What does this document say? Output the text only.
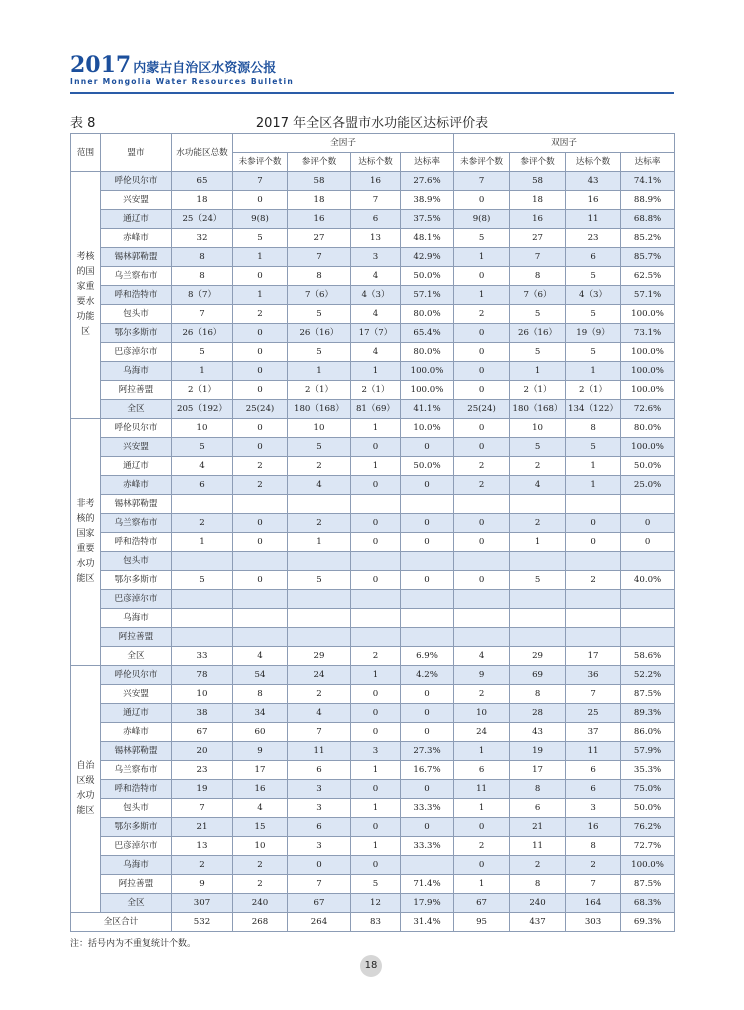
2017 内蒙古自治区水资源公报
Inner Mongolia Water Resources Bulletin
表 8	2017 年全区各盟市水功能区达标评价表
范围	盟市	水功能区总数	全因子				双因子			
			未参评个数	参评个数	达标个数	达标率	未参评个数	参评个数	达标个数	达标率
考核的国家重要水功能区	呼伦贝尔市	65	7	58	16	27.6%	7	58	43	74.1%
	兴安盟	18	0	18	7	38.9%	0	18	16	88.9%
	通辽市	25（24）	9(8)	16	6	37.5%	9(8)	16	11	68.8%
	赤峰市	32	5	27	13	48.1%	5	27	23	85.2%
	锡林郭勒盟	8	1	7	3	42.9%	1	7	6	85.7%
	乌兰察布市	8	0	8	4	50.0%	0	8	5	62.5%
	呼和浩特市	8（7）	1	7（6）	4（3）	57.1%	1	7（6）	4（3）	57.1%
	包头市	7	2	5	4	80.0%	2	5	5	100.0%
	鄂尔多斯市	26（16）	0	26（16）	17（7）	65.4%	0	26（16）	19（9）	73.1%
	巴彦淖尔市	5	0	5	4	80.0%	0	5	5	100.0%
	乌海市	1	0	1	1	100.0%	0	1	1	100.0%
	阿拉善盟	2（1）	0	2（1）	2（1）	100.0%	0	2（1）	2（1）	100.0%
	全区	205（192）	25(24)	180（168）	81（69）	41.1%	25(24)	180（168）	134（122）	72.6%
非考核的国家重要水功能区	呼伦贝尔市	10	0	10	1	10.0%	0	10	8	80.0%
	兴安盟	5	0	5	0	0	0	5	5	100.0%
	通辽市	4	2	2	1	50.0%	2	2	1	50.0%
	赤峰市	6	2	4	0	0	2	4	1	25.0%
	锡林郭勒盟									
	乌兰察布市	2	0	2	0	0	0	2	0	0
	呼和浩特市	1	0	1	0	0	0	1	0	0
	包头市									
	鄂尔多斯市	5	0	5	0	0	0	5	2	40.0%
	巴彦淖尔市									
	乌海市									
	阿拉善盟									
	全区	33	4	29	2	6.9%	4	29	17	58.6%
自治区级水功能区	呼伦贝尔市	78	54	24	1	4.2%	9	69	36	52.2%
	兴安盟	10	8	2	0	0	2	8	7	87.5%
	通辽市	38	34	4	0	0	10	28	25	89.3%
	赤峰市	67	60	7	0	0	24	43	37	86.0%
	锡林郭勒盟	20	9	11	3	27.3%	1	19	11	57.9%
	乌兰察布市	23	17	6	1	16.7%	6	17	6	35.3%
	呼和浩特市	19	16	3	0	0	11	8	6	75.0%
	包头市	7	4	3	1	33.3%	1	6	3	50.0%
	鄂尔多斯市	21	15	6	0	0	0	21	16	76.2%
	巴彦淖尔市	13	10	3	1	33.3%	2	11	8	72.7%
	乌海市	2	2	0	0		0	2	2	100.0%
	阿拉善盟	9	2	7	5	71.4%	1	8	7	87.5%
	全区	307	240	67	12	17.9%	67	240	164	68.3%
全区合计		532	268	264	83	31.4%	95	437	303	69.3%
注：括号内为不重复统计个数。
18
